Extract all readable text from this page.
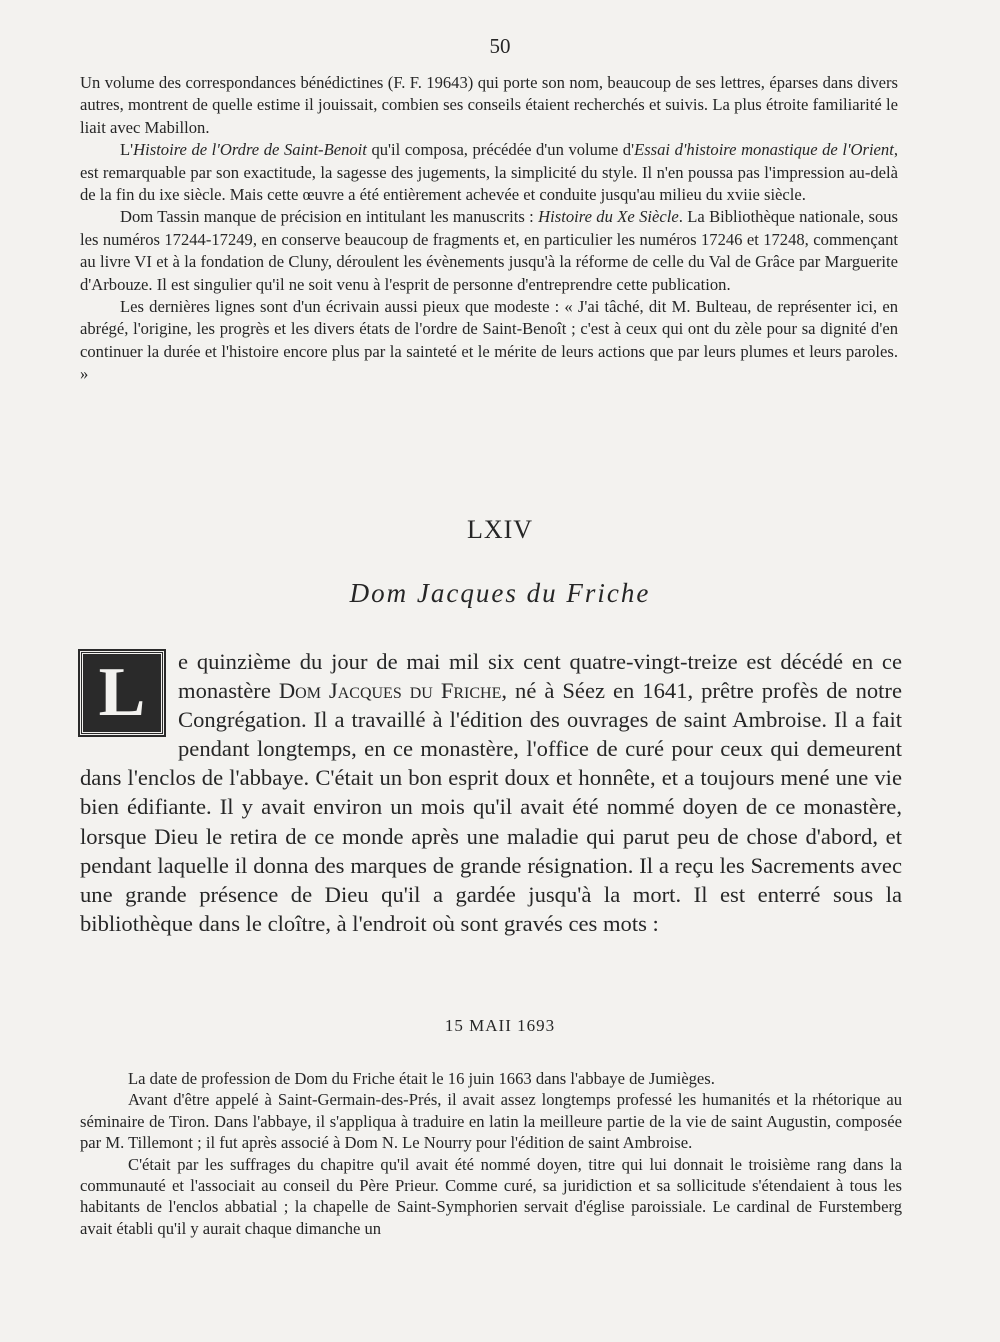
50

Un volume des correspondances bénédictines (F. F. 19643) qui porte son nom, beaucoup de ses lettres, éparses dans divers autres, montrent de quelle estime il jouissait, combien ses conseils étaient recherchés et suivis. La plus étroite familiarité le liait avec Mabillon.

L'Histoire de l'Ordre de Saint-Benoit qu'il composa, précédée d'un volume d'Essai d'histoire monastique de l'Orient, est remarquable par son exactitude, la sagesse des jugements, la simplicité du style. Il n'en poussa pas l'impression au-delà de la fin du ixe siècle. Mais cette œuvre a été entièrement achevée et conduite jusqu'au milieu du xviie siècle.

Dom Tassin manque de précision en intitulant les manuscrits : Histoire du Xe Siècle. La Bibliothèque nationale, sous les numéros 17244-17249, en conserve beaucoup de fragments et, en particulier les numéros 17246 et 17248, commençant au livre VI et à la fondation de Cluny, déroulent les évènements jusqu'à la réforme de celle du Val de Grâce par Marguerite d'Arbouze. Il est singulier qu'il ne soit venu à l'esprit de personne d'entreprendre cette publication.

Les dernières lignes sont d'un écrivain aussi pieux que modeste : « J'ai tâché, dit M. Bulteau, de représenter ici, en abrégé, l'origine, les progrès et les divers états de l'ordre de Saint-Benoît ; c'est à ceux qui ont du zèle pour sa dignité d'en continuer la durée et l'histoire encore plus par la sainteté et le mérite de leurs actions que par leurs plumes et leurs paroles. »

LXIV
Dom Jacques du Friche

L	e quinzième du jour de mai mil six cent quatre-vingt-treize est décédé en ce monastère Dom Jacques du Friche, né à Séez en 1641, prêtre profès de notre Congrégation. Il a travaillé à l'édition des ouvrages de saint Ambroise. Il a fait pendant longtemps, en ce monastère, l'office de curé pour ceux qui demeurent dans l'enclos de l'abbaye. C'était un bon esprit doux et honnête, et a toujours mené une vie bien édifiante. Il y avait environ un mois qu'il avait été nommé doyen de ce monastère, lorsque Dieu le retira de ce monde après une maladie qui parut peu de chose d'abord, et pendant laquelle il donna des marques de grande résignation. Il a reçu les Sacrements avec une grande présence de Dieu qu'il a gardée jusqu'à la mort. Il est enterré sous la bibliothèque dans le cloître, à l'endroit où sont gravés ces mots :

15 MAII 1693

La date de profession de Dom du Friche était le 16 juin 1663 dans l'abbaye de Jumièges.

Avant d'être appelé à Saint-Germain-des-Prés, il avait assez longtemps professé les humanités et la rhétorique au séminaire de Tiron. Dans l'abbaye, il s'appliqua à traduire en latin la meilleure partie de la vie de saint Augustin, composée par M. Tillemont ; il fut après associé à Dom N. Le Nourry pour l'édition de saint Ambroise.

C'était par les suffrages du chapitre qu'il avait été nommé doyen, titre qui lui donnait le troisième rang dans la communauté et l'associait au conseil du Père Prieur. Comme curé, sa juridiction et sa sollicitude s'étendaient à tous les habitants de l'enclos abbatial ; la chapelle de Saint-Symphorien servait d'église paroissiale. Le cardinal de Furstemberg avait établi qu'il y aurait chaque dimanche un
